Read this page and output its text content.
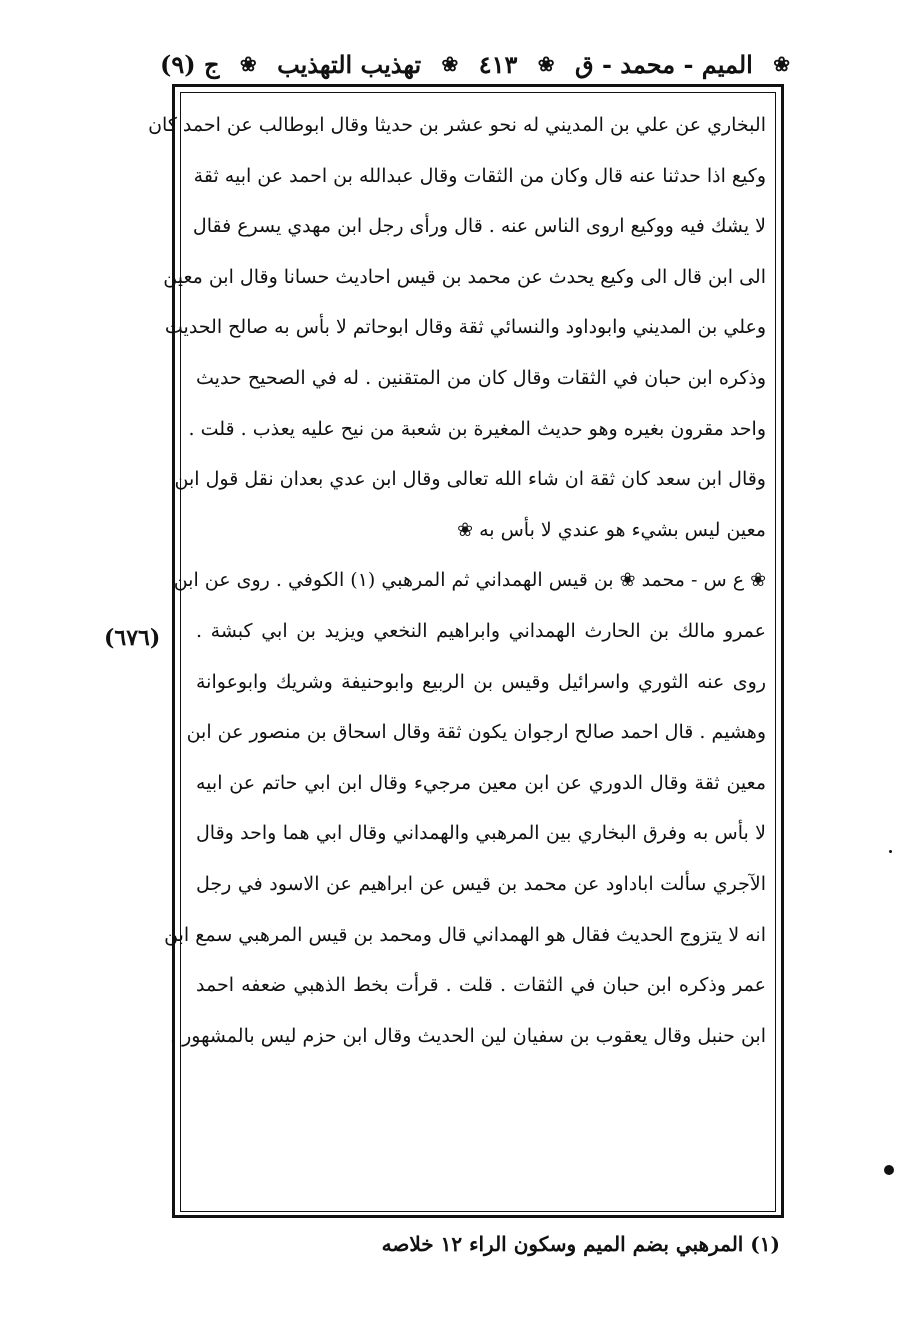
ج (٩) ❀ تهذيب التهذيب ❀ ٤١٣ ❀ الميم - محمد - ق ❀
(٦٧٦)
البخاري عن علي بن المديني له نحو عشر بن حديثا وقال ابوطالب عن احمد كان
وكيع اذا حدثنا عنه قال وكان من الثقات وقال عبدالله بن احمد عن ابيه ثقة
لا يشك فيه ووكيع اروى الناس عنه . قال ورأى رجل ابن مهدي يسرع فقال
الى ابن قال الى وكيع يحدث عن محمد بن قيس احاديث حسانا وقال ابن معين
وعلي بن المديني وابوداود والنسائي ثقة وقال ابوحاتم لا بأس به صالح الحديث
وذكره ابن حبان في الثقات وقال كان من المتقنين . له في الصحيح حديث
واحد مقرون بغيره وهو حديث المغيرة بن شعبة من نيح عليه يعذب . قلت .
وقال ابن سعد كان ثقة ان شاء الله تعالى وقال ابن عدي بعدان نقل قول ابن
معين ليس بشيء هو عندي لا بأس به ❀
❀ ع س - محمد ❀ بن قيس الهمداني ثم المرهبي (١) الكوفي . روى عن ابن
عمرو مالك بن الحارث الهمداني وابراهيم النخعي ويزيد بن ابي كبشة .
روى عنه الثوري واسرائيل وقيس بن الربيع وابوحنيفة وشريك وابوعوانة
وهشيم . قال احمد صالح ارجوان يكون ثقة وقال اسحاق بن منصور عن ابن
معين ثقة وقال الدوري عن ابن معين مرجيء وقال ابن ابي حاتم عن ابيه
لا بأس به وفرق البخاري بين المرهبي والهمداني وقال ابي هما واحد وقال
الآجري سألت اباداود عن محمد بن قيس عن ابراهيم عن الاسود في رجل
انه لا يتزوج الحديث فقال هو الهمداني قال ومحمد بن قيس المرهبي سمع ابن
عمر وذكره ابن حبان في الثقات . قلت . قرأت بخط الذهبي ضعفه احمد
ابن حنبل وقال يعقوب بن سفيان لين الحديث وقال ابن حزم ليس بالمشهور .
(١) المرهبي بضم الميم وسكون الراء ١٢ خلاصه
